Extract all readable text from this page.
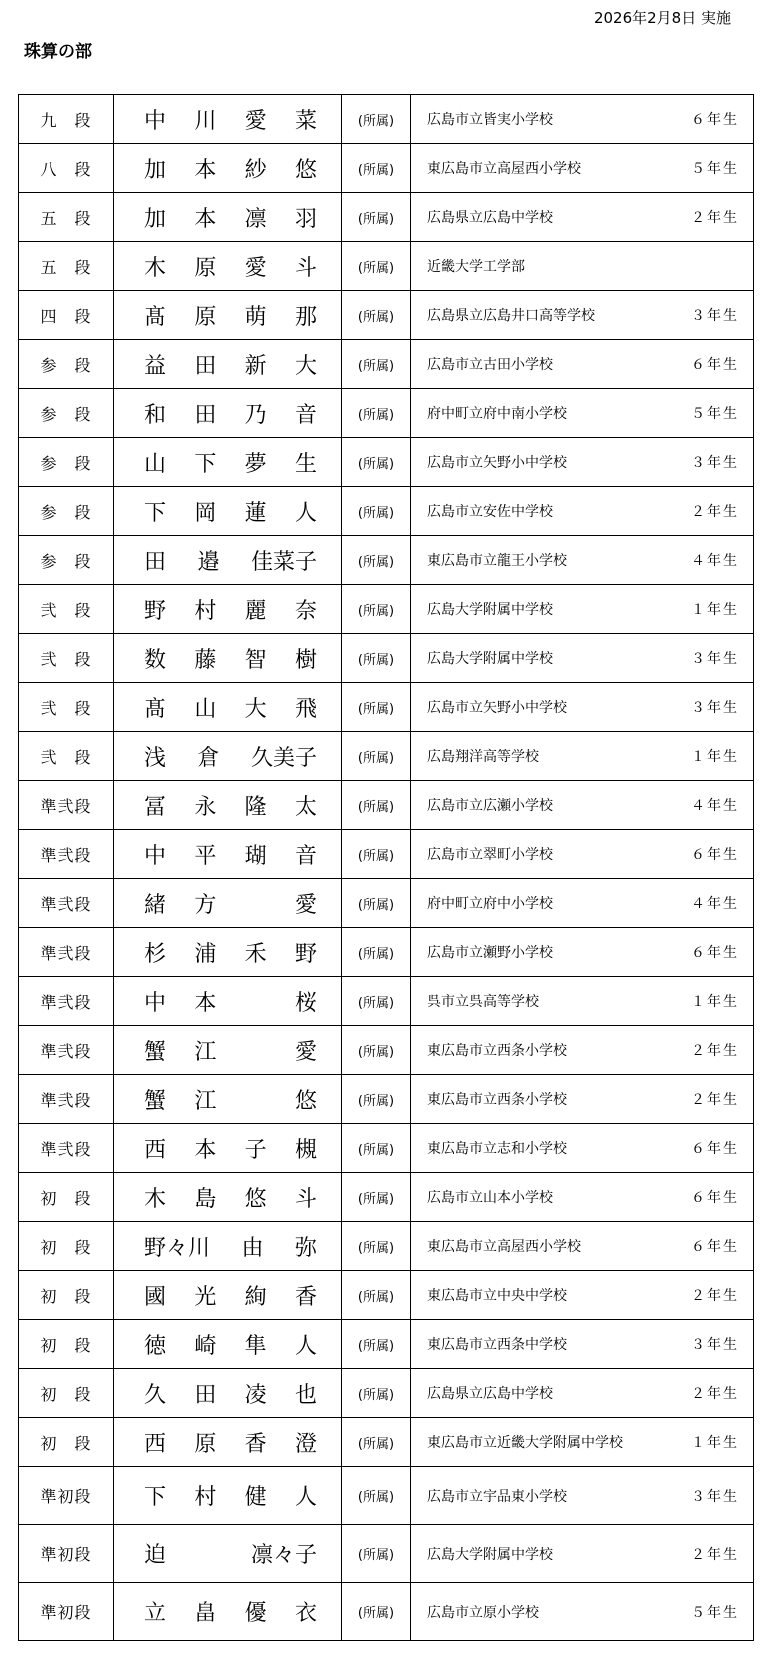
2026年2月8日 実施
珠算の部
九　段	中 川 愛 菜	(所属)	広島市立皆実小学校 ６年生

八　段	加 本 紗 悠	(所属)	東広島市立高屋西小学校 ５年生

五　段	加 本 凛 羽	(所属)	広島県立広島中学校 ２年生

五　段	木 原 愛 斗	(所属)	近畿大学工学部

四　段	髙 原 萌 那	(所属)	広島県立広島井口高等学校 ３年生

参　段	益 田 新 大	(所属)	広島市立古田小学校 ６年生

参　段	和 田 乃 音	(所属)	府中町立府中南小学校 ５年生

参　段	山 下 夢 生	(所属)	広島市立矢野小中学校 ３年生

参　段	下 岡 蓮 人	(所属)	広島市立安佐中学校 ２年生

参　段	田 邉 佳菜子	(所属)	東広島市立龍王小学校 ４年生

弐　段	野 村 麗 奈	(所属)	広島大学附属中学校 １年生

弐　段	数 藤 智 樹	(所属)	広島大学附属中学校 ３年生

弐　段	髙 山 大 飛	(所属)	広島市立矢野小中学校 ３年生

弐　段	浅 倉 久美子	(所属)	広島翔洋高等学校 １年生

準弐段	冨 永 隆 太	(所属)	広島市立広瀬小学校 ４年生

準弐段	中 平 瑚 音	(所属)	広島市立翠町小学校 ６年生

準弐段	緒 方 愛	(所属)	府中町立府中小学校 ４年生

準弐段	杉 浦 禾 野	(所属)	広島市立瀬野小学校 ６年生

準弐段	中 本 桜	(所属)	呉市立呉高等学校 １年生

準弐段	蟹 江 愛	(所属)	東広島市立西条小学校 ２年生

準弐段	蟹 江 悠	(所属)	東広島市立西条小学校 ２年生

準弐段	西 本 子 槻	(所属)	東広島市立志和小学校 ６年生

初　段	木 島 悠 斗	(所属)	広島市立山本小学校 ６年生

初　段	野々川 由 弥	(所属)	東広島市立高屋西小学校 ６年生

初　段	國 光 絢 香	(所属)	東広島市立中央中学校 ２年生

初　段	徳 崎 隼 人	(所属)	東広島市立西条中学校 ３年生

初　段	久 田 凌 也	(所属)	広島県立広島中学校 ２年生

初　段	西 原 香 澄	(所属)	東広島市立近畿大学附属中学校 １年生

準初段	下 村 健 人	(所属)	広島市立宇品東小学校 ３年生

準初段	迫 凛々子	(所属)	広島大学附属中学校 ２年生

準初段	立 畠 優 衣	(所属)	広島市立原小学校 ５年生
